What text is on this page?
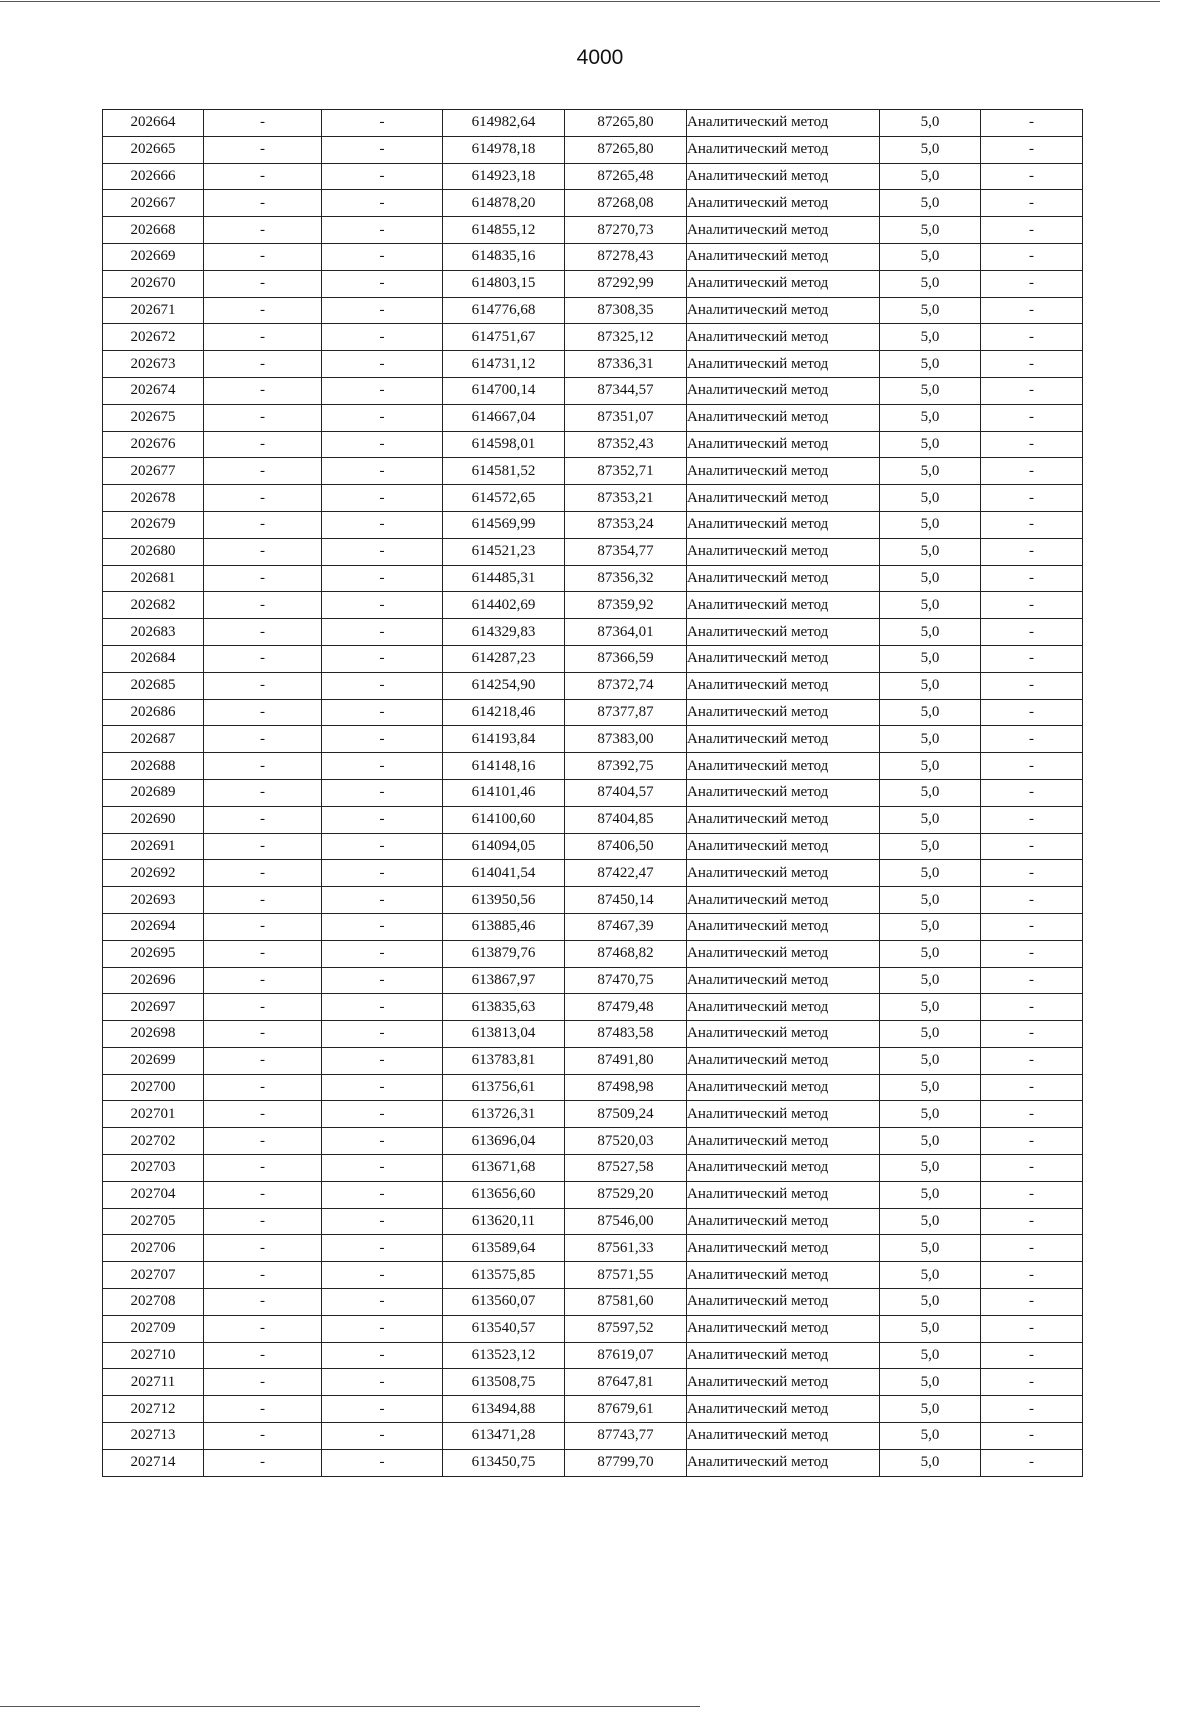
4000
202664	-	-	614982,64	87265,80	Аналитический метод	5,0	-
202665	-	-	614978,18	87265,80	Аналитический метод	5,0	-
202666	-	-	614923,18	87265,48	Аналитический метод	5,0	-
202667	-	-	614878,20	87268,08	Аналитический метод	5,0	-
202668	-	-	614855,12	87270,73	Аналитический метод	5,0	-
202669	-	-	614835,16	87278,43	Аналитический метод	5,0	-
202670	-	-	614803,15	87292,99	Аналитический метод	5,0	-
202671	-	-	614776,68	87308,35	Аналитический метод	5,0	-
202672	-	-	614751,67	87325,12	Аналитический метод	5,0	-
202673	-	-	614731,12	87336,31	Аналитический метод	5,0	-
202674	-	-	614700,14	87344,57	Аналитический метод	5,0	-
202675	-	-	614667,04	87351,07	Аналитический метод	5,0	-
202676	-	-	614598,01	87352,43	Аналитический метод	5,0	-
202677	-	-	614581,52	87352,71	Аналитический метод	5,0	-
202678	-	-	614572,65	87353,21	Аналитический метод	5,0	-
202679	-	-	614569,99	87353,24	Аналитический метод	5,0	-
202680	-	-	614521,23	87354,77	Аналитический метод	5,0	-
202681	-	-	614485,31	87356,32	Аналитический метод	5,0	-
202682	-	-	614402,69	87359,92	Аналитический метод	5,0	-
202683	-	-	614329,83	87364,01	Аналитический метод	5,0	-
202684	-	-	614287,23	87366,59	Аналитический метод	5,0	-
202685	-	-	614254,90	87372,74	Аналитический метод	5,0	-
202686	-	-	614218,46	87377,87	Аналитический метод	5,0	-
202687	-	-	614193,84	87383,00	Аналитический метод	5,0	-
202688	-	-	614148,16	87392,75	Аналитический метод	5,0	-
202689	-	-	614101,46	87404,57	Аналитический метод	5,0	-
202690	-	-	614100,60	87404,85	Аналитический метод	5,0	-
202691	-	-	614094,05	87406,50	Аналитический метод	5,0	-
202692	-	-	614041,54	87422,47	Аналитический метод	5,0	-
202693	-	-	613950,56	87450,14	Аналитический метод	5,0	-
202694	-	-	613885,46	87467,39	Аналитический метод	5,0	-
202695	-	-	613879,76	87468,82	Аналитический метод	5,0	-
202696	-	-	613867,97	87470,75	Аналитический метод	5,0	-
202697	-	-	613835,63	87479,48	Аналитический метод	5,0	-
202698	-	-	613813,04	87483,58	Аналитический метод	5,0	-
202699	-	-	613783,81	87491,80	Аналитический метод	5,0	-
202700	-	-	613756,61	87498,98	Аналитический метод	5,0	-
202701	-	-	613726,31	87509,24	Аналитический метод	5,0	-
202702	-	-	613696,04	87520,03	Аналитический метод	5,0	-
202703	-	-	613671,68	87527,58	Аналитический метод	5,0	-
202704	-	-	613656,60	87529,20	Аналитический метод	5,0	-
202705	-	-	613620,11	87546,00	Аналитический метод	5,0	-
202706	-	-	613589,64	87561,33	Аналитический метод	5,0	-
202707	-	-	613575,85	87571,55	Аналитический метод	5,0	-
202708	-	-	613560,07	87581,60	Аналитический метод	5,0	-
202709	-	-	613540,57	87597,52	Аналитический метод	5,0	-
202710	-	-	613523,12	87619,07	Аналитический метод	5,0	-
202711	-	-	613508,75	87647,81	Аналитический метод	5,0	-
202712	-	-	613494,88	87679,61	Аналитический метод	5,0	-
202713	-	-	613471,28	87743,77	Аналитический метод	5,0	-
202714	-	-	613450,75	87799,70	Аналитический метод	5,0	-
